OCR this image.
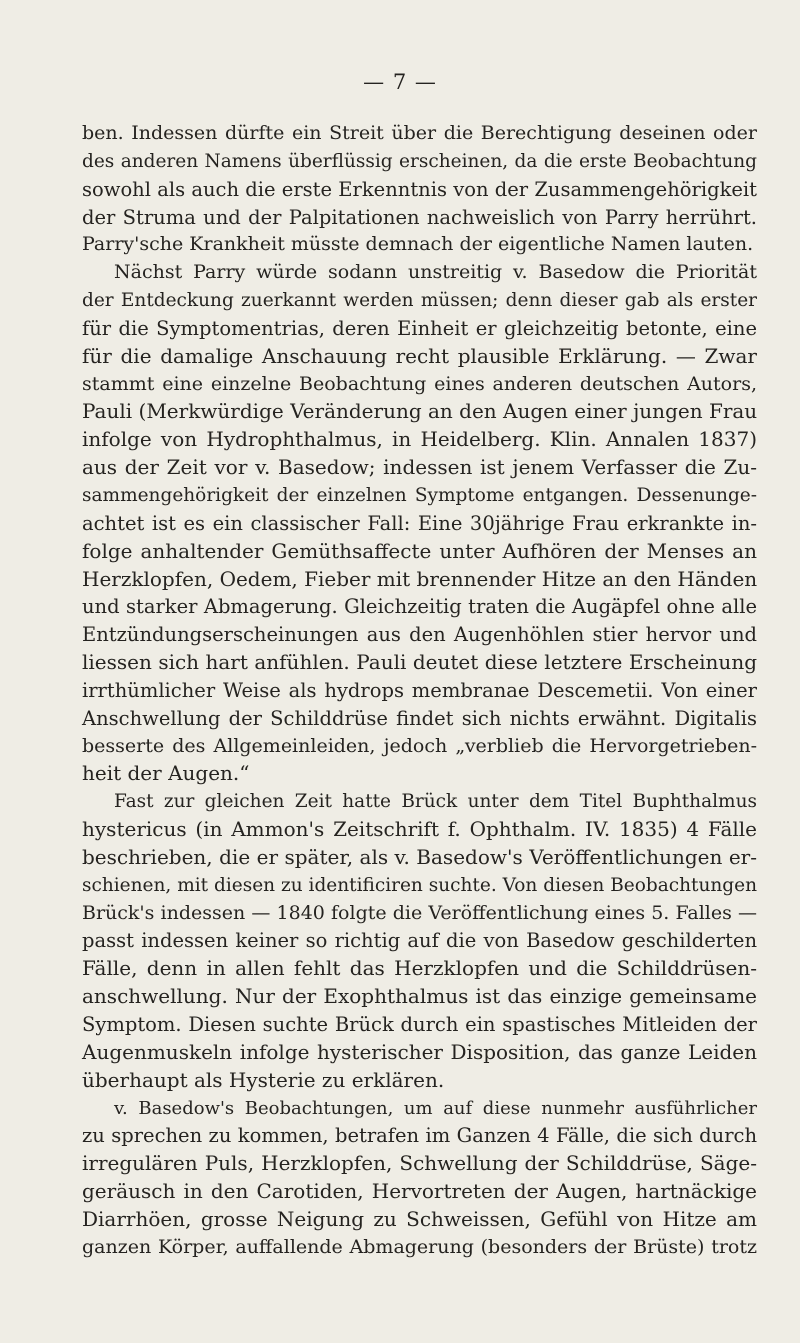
— 7 —
ben. Indessen dürfte ein Streit über die Berechtigung deseinen oder
des anderen Namens überflüssig erscheinen, da die erste Beobachtung
sowohl als auch die erste Erkenntnis von der Zusammengehörigkeit
der Struma und der Palpitationen nachweislich von Parry herrührt.
Parry'sche Krankheit müsste demnach der eigentliche Namen lauten.
Nächst Parry würde sodann unstreitig v. Basedow die Priorität
der Entdeckung zuerkannt werden müssen; denn dieser gab als erster
für die Symptomentrias, deren Einheit er gleichzeitig betonte, eine
für die damalige Anschauung recht plausible Erklärung. — Zwar
stammt eine einzelne Beobachtung eines anderen deutschen Autors,
Pauli (Merkwürdige Veränderung an den Augen einer jungen Frau
infolge von Hydrophthalmus, in Heidelberg. Klin. Annalen 1837)
aus der Zeit vor v. Basedow; indessen ist jenem Verfasser die Zu-
sammengehörigkeit der einzelnen Symptome entgangen. Dessenunge-
achtet ist es ein classischer Fall: Eine 30jährige Frau erkrankte in-
folge anhaltender Gemüthsaffecte unter Aufhören der Menses an
Herzklopfen, Oedem, Fieber mit brennender Hitze an den Händen
und starker Abmagerung. Gleichzeitig traten die Augäpfel ohne alle
Entzündungserscheinungen aus den Augenhöhlen stier hervor und
liessen sich hart anfühlen. Pauli deutet diese letztere Erscheinung
irrthümlicher Weise als hydrops membranae Descemetii. Von einer
Anschwellung der Schilddrüse findet sich nichts erwähnt. Digitalis
besserte des Allgemeinleiden, jedoch „verblieb die Hervorgetrieben-
heit der Augen.“
Fast zur gleichen Zeit hatte Brück unter dem Titel Buphthalmus
hystericus (in Ammon's Zeitschrift f. Ophthalm. IV. 1835) 4 Fälle
beschrieben, die er später, als v. Basedow's Veröffentlichungen er-
schienen, mit diesen zu identificiren suchte. Von diesen Beobachtungen
Brück's indessen — 1840 folgte die Veröffentlichung eines 5. Falles —
passt indessen keiner so richtig auf die von Basedow geschilderten
Fälle, denn in allen fehlt das Herzklopfen und die Schilddrüsen-
anschwellung. Nur der Exophthalmus ist das einzige gemeinsame
Symptom. Diesen suchte Brück durch ein spastisches Mitleiden der
Augenmuskeln infolge hysterischer Disposition, das ganze Leiden
überhaupt als Hysterie zu erklären.
v. Basedow's Beobachtungen, um auf diese nunmehr ausführlicher
zu sprechen zu kommen, betrafen im Ganzen 4 Fälle, die sich durch
irregulären Puls, Herzklopfen, Schwellung der Schilddrüse, Säge-
geräusch in den Carotiden, Hervortreten der Augen, hartnäckige
Diarrhöen, grosse Neigung zu Schweissen, Gefühl von Hitze am
ganzen Körper, auffallende Abmagerung (besonders der Brüste) trotz
